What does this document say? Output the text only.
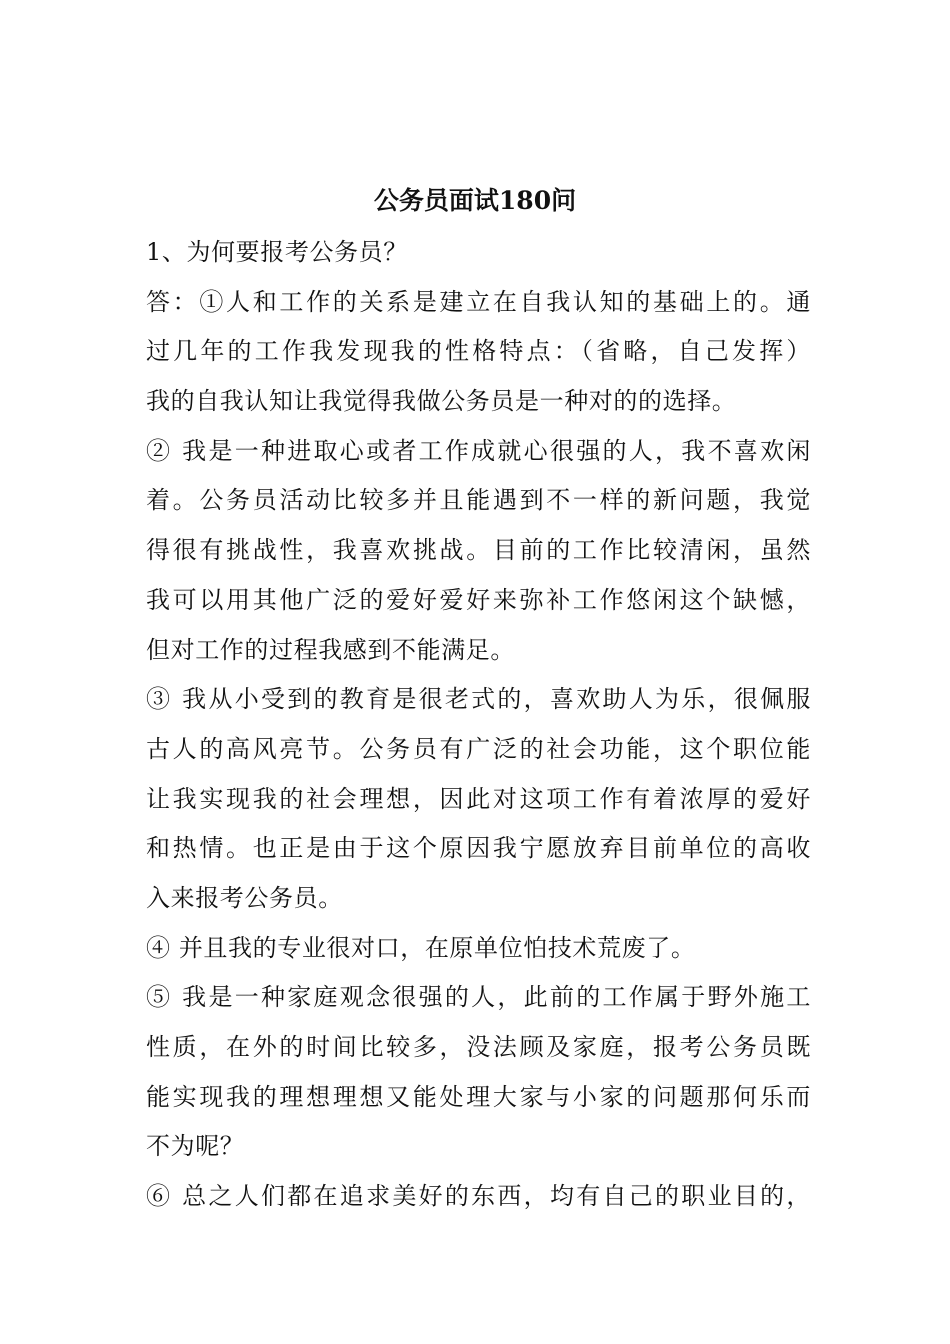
公务员面试180问
1、为何要报考公务员？
答：①人和工作的关系是建立在自我认知的基础上的。通
过几年的工作我发现我的性格特点：（省略，自己发挥）
我的自我认知让我觉得我做公务员是一种对的的选择。
② 我是一种进取心或者工作成就心很强的人，我不喜欢闲
着。公务员活动比较多并且能遇到不一样的新问题，我觉
得很有挑战性，我喜欢挑战。目前的工作比较清闲，虽然
我可以用其他广泛的爱好爱好来弥补工作悠闲这个缺憾，
但对工作的过程我感到不能满足。
③ 我从小受到的教育是很老式的，喜欢助人为乐，很佩服
古人的高风亮节。公务员有广泛的社会功能，这个职位能
让我实现我的社会理想，因此对这项工作有着浓厚的爱好
和热情。也正是由于这个原因我宁愿放弃目前单位的高收
入来报考公务员。
④ 并且我的专业很对口，在原单位怕技术荒废了。
⑤ 我是一种家庭观念很强的人，此前的工作属于野外施工
性质，在外的时间比较多，没法顾及家庭，报考公务员既
能实现我的理想理想又能处理大家与小家的问题那何乐而
不为呢？
⑥ 总之人们都在追求美好的东西，均有自己的职业目的，
